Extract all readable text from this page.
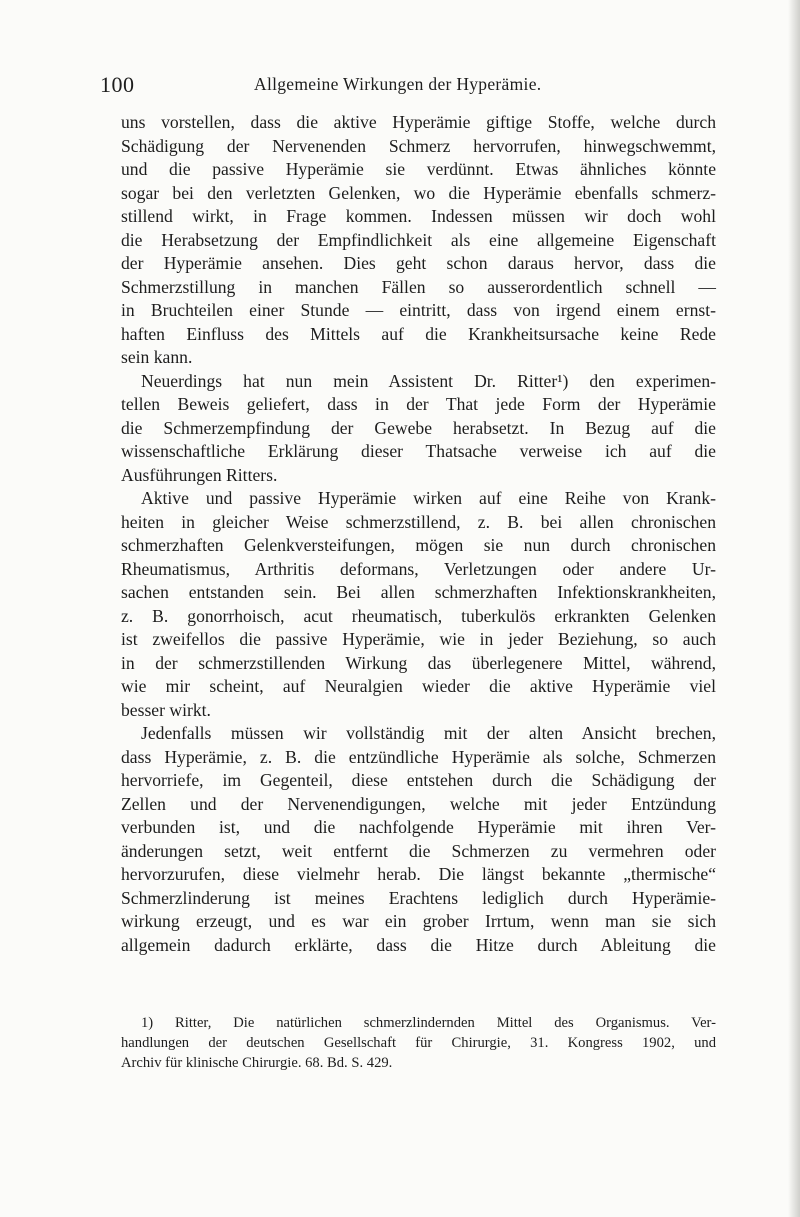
100	Allgemeine Wirkungen der Hyperämie.
uns vorstellen, dass die aktive Hyperämie giftige Stoffe, welche durch
Schädigung der Nervenenden Schmerz hervorrufen, hinwegschwemmt,
und die passive Hyperämie sie verdünnt. Etwas ähnliches könnte
sogar bei den verletzten Gelenken, wo die Hyperämie ebenfalls schmerz-
stillend wirkt, in Frage kommen. Indessen müssen wir doch wohl
die Herabsetzung der Empfindlichkeit als eine allgemeine Eigenschaft
der Hyperämie ansehen. Dies geht schon daraus hervor, dass die
Schmerzstillung in manchen Fällen so ausserordentlich schnell —
in Bruchteilen einer Stunde — eintritt, dass von irgend einem ernst-
haften Einfluss des Mittels auf die Krankheitsursache keine Rede
sein kann.
Neuerdings hat nun mein Assistent Dr. Ritter¹) den experimen-
tellen Beweis geliefert, dass in der That jede Form der Hyperämie
die Schmerzempfindung der Gewebe herabsetzt. In Bezug auf die
wissenschaftliche Erklärung dieser Thatsache verweise ich auf die
Ausführungen Ritters.
Aktive und passive Hyperämie wirken auf eine Reihe von Krank-
heiten in gleicher Weise schmerzstillend, z. B. bei allen chronischen
schmerzhaften Gelenkversteifungen, mögen sie nun durch chronischen
Rheumatismus, Arthritis deformans, Verletzungen oder andere Ur-
sachen entstanden sein. Bei allen schmerzhaften Infektionskrankheiten,
z. B. gonorrhoisch, acut rheumatisch, tuberkulös erkrankten Gelenken
ist zweifellos die passive Hyperämie, wie in jeder Beziehung, so auch
in der schmerzstillenden Wirkung das überlegenere Mittel, während,
wie mir scheint, auf Neuralgien wieder die aktive Hyperämie viel
besser wirkt.
Jedenfalls müssen wir vollständig mit der alten Ansicht brechen,
dass Hyperämie, z. B. die entzündliche Hyperämie als solche, Schmerzen
hervorriefe, im Gegenteil, diese entstehen durch die Schädigung der
Zellen und der Nervenendigungen, welche mit jeder Entzündung
verbunden ist, und die nachfolgende Hyperämie mit ihren Ver-
änderungen setzt, weit entfernt die Schmerzen zu vermehren oder
hervorzurufen, diese vielmehr herab. Die längst bekannte „thermische“
Schmerzlinderung ist meines Erachtens lediglich durch Hyperämie-
wirkung erzeugt, und es war ein grober Irrtum, wenn man sie sich
allgemein dadurch erklärte, dass die Hitze durch Ableitung die
1) Ritter, Die natürlichen schmerzlindernden Mittel des Organismus. Ver-
handlungen der deutschen Gesellschaft für Chirurgie, 31. Kongress 1902, und
Archiv für klinische Chirurgie. 68. Bd. S. 429.
